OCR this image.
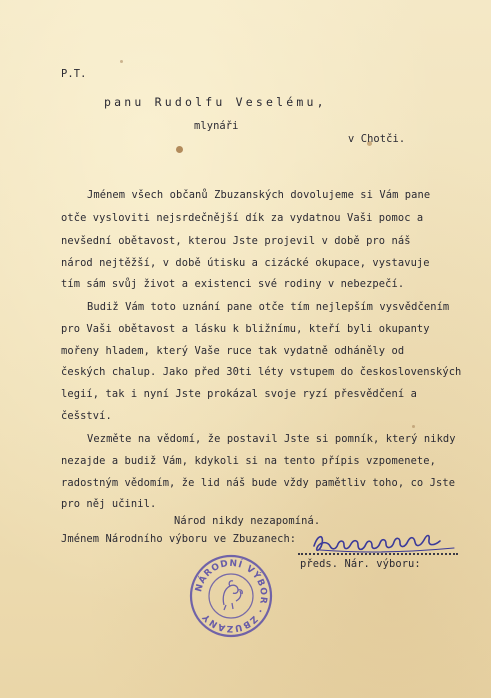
P.T.
panu Rudolfu Veselému,
mlynáři
v Chotči.
Jménem všech občanů Zbuzanských dovolujeme si Vám pane
otče vysloviti nejsrdečnější dík za vydatnou Vaši pomoc a
nevšední obětavost, kterou Jste projevil v době pro náš
národ nejtěžší, v době útisku a cizácké okupace, vystavuje
tím sám svůj život a existenci své rodiny v nebezpečí.
Budiž Vám toto uznání pane otče tím nejlepším vysvědčením
pro Vaši obětavost a lásku k bližnímu, kteří byli okupanty
mořeny hladem, který Vaše ruce tak vydatně odháněly od
českých chalup. Jako před 30ti léty vstupem do československých
legií, tak i nyní Jste prokázal svoje ryzí přesvědčení a
češství.
Vezměte na vědomí, že postavil Jste si pomník, který nikdy
nezajde a budiž Vám, kdykoli si na tento přípis vzpomenete,
radostným vědomím, že lid náš bude vždy pamětliv toho, co Jste
pro něj učinil.
Národ nikdy nezapomíná.
Jménem Národního výboru ve Zbuzanech:
předs. Nár. výboru:
NÁRODNÍ VÝBOR · ZBUZANY
